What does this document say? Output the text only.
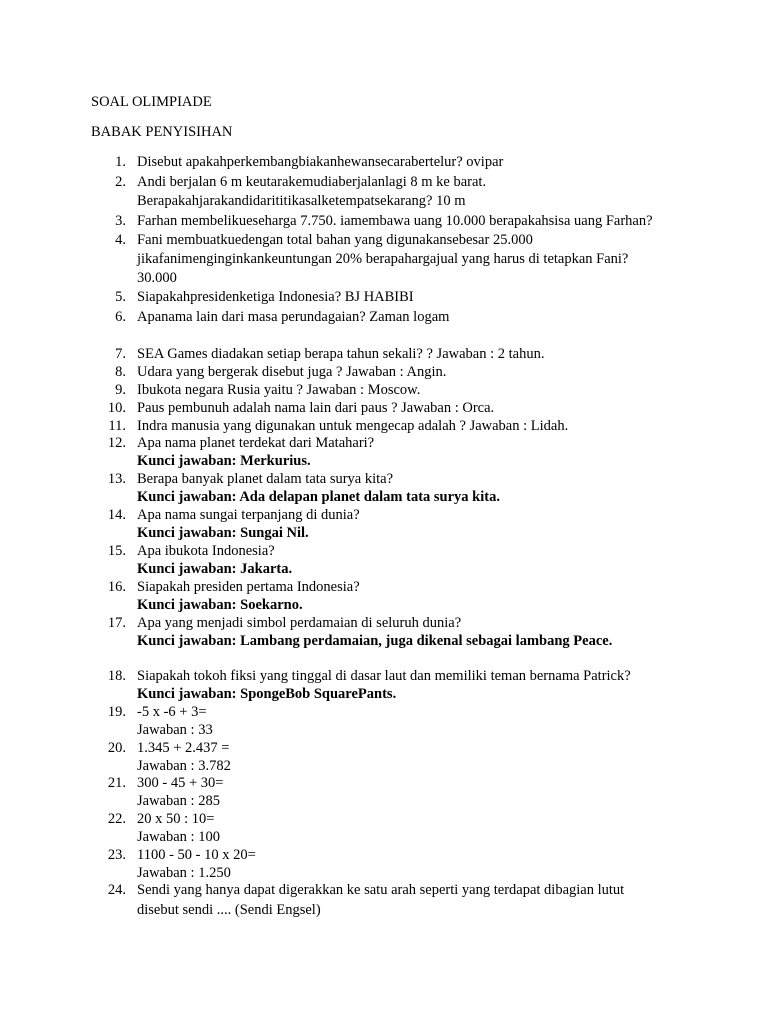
SOAL OLIMPIADE
BABAK PENYISIHAN
1. Disebut apakahperkembangbiakanhewansecarabertelur? ovipar
2. Andi berjalan 6 m keutarakemudiaberjalanlagi 8 m ke barat.
Berapakahjarakandidarititikasalketempatsekarang? 10 m
3. Farhan membelikueseharga 7.750. iamembawa uang 10.000 berapakahsisa uang Farhan?
4. Fani membuatkuedengan total bahan yang digunakansebesar 25.000
jikafanimenginginkankeuntungan 20% berapahargajual yang harus di tetapkan Fani?
30.000
5. Siapakahpresidenketiga Indonesia? BJ HABIBI
6. Apanama lain dari masa perundagaian? Zaman logam
7. SEA Games diadakan setiap berapa tahun sekali? ? Jawaban : 2 tahun.
8. Udara yang bergerak disebut juga ? Jawaban : Angin.
9. Ibukota negara Rusia yaitu ? Jawaban : Moscow.
10. Paus pembunuh adalah nama lain dari paus ? Jawaban : Orca.
11. Indra manusia yang digunakan untuk mengecap adalah ? Jawaban : Lidah.
12. Apa nama planet terdekat dari Matahari?
Kunci jawaban: Merkurius.
13. Berapa banyak planet dalam tata surya kita?
Kunci jawaban: Ada delapan planet dalam tata surya kita.
14. Apa nama sungai terpanjang di dunia?
Kunci jawaban: Sungai Nil.
15. Apa ibukota Indonesia?
Kunci jawaban: Jakarta.
16. Siapakah presiden pertama Indonesia?
Kunci jawaban: Soekarno.
17. Apa yang menjadi simbol perdamaian di seluruh dunia?
Kunci jawaban: Lambang perdamaian, juga dikenal sebagai lambang Peace.
18. Siapakah tokoh fiksi yang tinggal di dasar laut dan memiliki teman bernama Patrick?
Kunci jawaban: SpongeBob SquarePants.
19. -5 x -6 + 3=
Jawaban : 33
20. 1.345 + 2.437 =
Jawaban : 3.782
21. 300 - 45 + 30=
Jawaban : 285
22. 20 x 50 : 10=
Jawaban : 100
23. 1100 - 50 - 10 x 20=
Jawaban : 1.250
24. Sendi yang hanya dapat digerakkan ke satu arah seperti yang terdapat dibagian lutut
disebut sendi .... (Sendi Engsel)
